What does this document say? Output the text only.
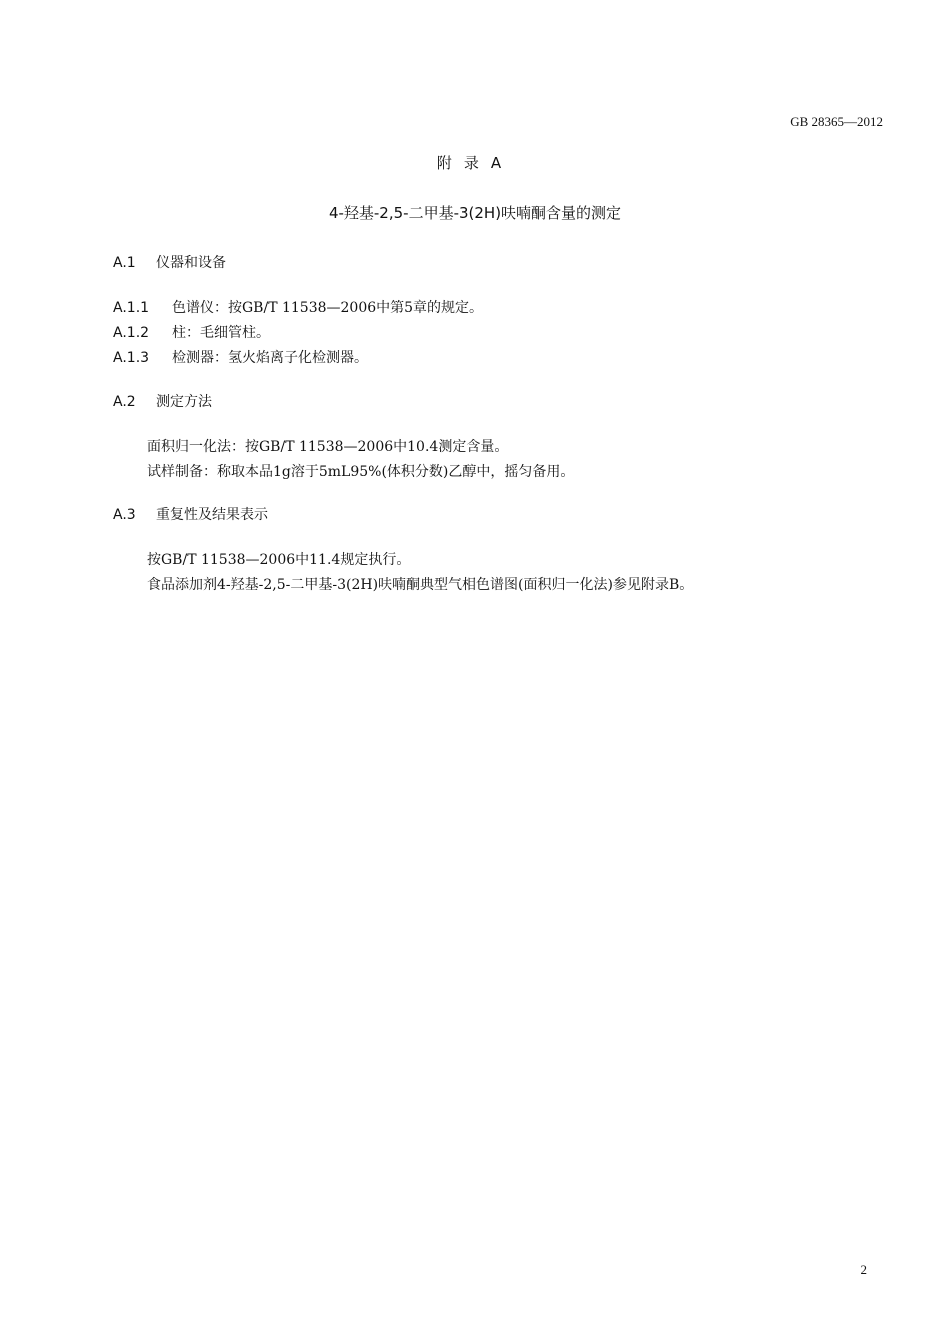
GB 28365—2012
附录A
4-羟基-2,5-二甲基-3(2H)呋喃酮含量的测定
A.1 仪器和设备
A.1.1 色谱仪：按GB/T 11538—2006中第5章的规定。
A.1.2 柱：毛细管柱。
A.1.3 检测器：氢火焰离子化检测器。
A.2 测定方法
面积归一化法：按GB/T 11538—2006中10.4测定含量。
试样制备：称取本品1g溶于5mL95%(体积分数)乙醇中，摇匀备用。
A.3 重复性及结果表示
按GB/T 11538—2006中11.4规定执行。
食品添加剂4-羟基-2,5-二甲基-3(2H)呋喃酮典型气相色谱图(面积归一化法)参见附录B。
2
